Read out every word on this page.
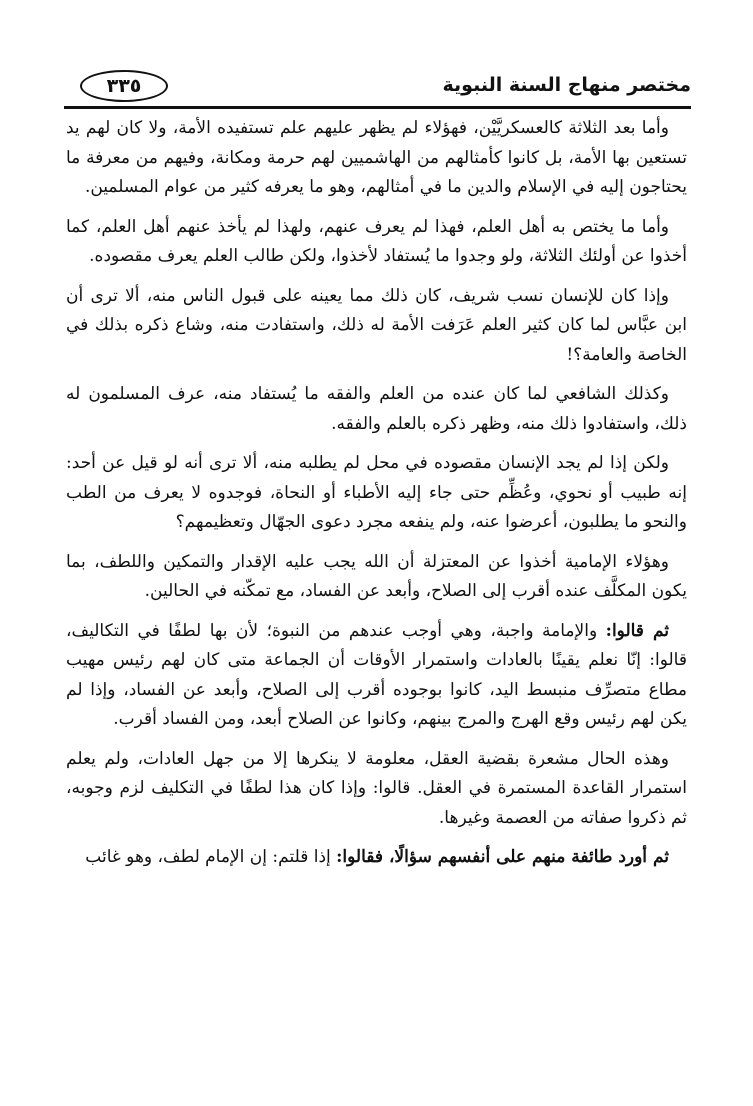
مختصر منهاج السنة النبوية
٣٣٥

وأما بعد الثلاثة كالعسكريَّيْن، فهؤلاء لم يظهر عليهم علم تستفيده الأمة، ولا كان لهم يد تستعين بها الأمة، بل كانوا كأمثالهم من الهاشميين لهم حرمة ومكانة، وفيهم من معرفة ما يحتاجون إليه في الإسلام والدين ما في أمثالهم، وهو ما يعرفه كثير من عوام المسلمين.

وأما ما يختص به أهل العلم، فهذا لم يعرف عنهم، ولهذا لم يأخذ عنهم أهل العلم، كما أخذوا عن أولئك الثلاثة، ولو وجدوا ما يُستفاد لأخذوا، ولكن طالب العلم يعرف مقصوده.

وإذا كان للإنسان نسب شريف، كان ذلك مما يعينه على قبول الناس منه، ألا ترى أن ابن عبَّاس لما كان كثير العلم عَرَفت الأمة له ذلك، واستفادت منه، وشاع ذكره بذلك في الخاصة والعامة؟!

وكذلك الشافعي لما كان عنده من العلم والفقه ما يُستفاد منه، عرف المسلمون له ذلك، واستفادوا ذلك منه، وظهر ذكره بالعلم والفقه.

ولكن إذا لم يجد الإنسان مقصوده في محل لم يطلبه منه، ألا ترى أنه لو قيل عن أحد: إنه طبيب أو نحوي، وعُظِّم حتى جاء إليه الأطباء أو النحاة، فوجدوه لا يعرف من الطب والنحو ما يطلبون، أعرضوا عنه، ولم ينفعه مجرد دعوى الجهّال وتعظيمهم؟

وهؤلاء الإمامية أخذوا عن المعتزلة أن الله يجب عليه الإقدار والتمكين واللطف، بما يكون المكلَّف عنده أقرب إلى الصلاح، وأبعد عن الفساد، مع تمكّنه في الحالين.

ثم قالوا: والإمامة واجبة، وهي أوجب عندهم من النبوة؛ لأن بها لطفًا في التكاليف، قالوا: إنّا نعلم يقينًا بالعادات واستمرار الأوقات أن الجماعة متى كان لهم رئيس مهيب مطاع متصرِّف منبسط اليد، كانوا بوجوده أقرب إلى الصلاح، وأبعد عن الفساد، وإذا لم يكن لهم رئيس وقع الهرج والمرج بينهم، وكانوا عن الصلاح أبعد، ومن الفساد أقرب.

وهذه الحال مشعرة بقضية العقل، معلومة لا ينكرها إلا من جهل العادات، ولم يعلم استمرار القاعدة المستمرة في العقل. قالوا: وإذا كان هذا لطفًا في التكليف لزم وجوبه، ثم ذكروا صفاته من العصمة وغيرها.

ثم أورد طائفة منهم على أنفسهم سؤالًا، فقالوا: إذا قلتم: إن الإمام لطف، وهو غائب
